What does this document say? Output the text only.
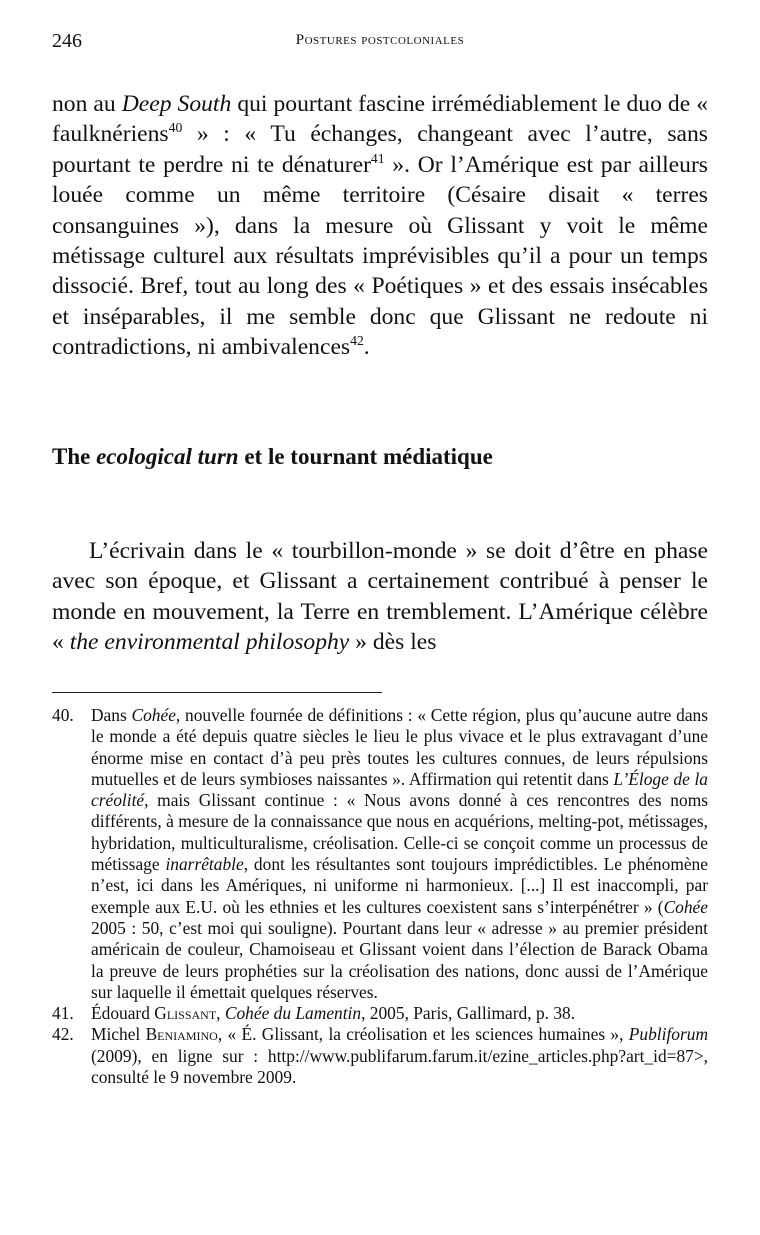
246	Postures postcoloniales

non au Deep South qui pourtant fascine irrémédiablement le duo de « faulknériens$^{40}$ » : « Tu échanges, changeant avec l’autre, sans pourtant te perdre ni te dénaturer$^{41}$ ». Or l’Amérique est par ailleurs louée comme un même territoire (Césaire disait « terres consanguines »), dans la mesure où Glissant y voit le même métissage culturel aux résultats imprévisibles qu’il a pour un temps dissocié. Bref, tout au long des « Poétiques » et des essais insécables et inséparables, il me semble donc que Glissant ne redoute ni contradictions, ni ambivalences$^{42}$.

The ecological turn et le tournant médiatique

L’écrivain dans le « tourbillon-monde » se doit d’être en phase avec son époque, et Glissant a certainement contribué à penser le monde en mouvement, la Terre en tremblement. L’Amérique célèbre « the environmental philosophy » dès les

40. Dans Cohée, nouvelle fournée de définitions : « Cette région, plus qu’aucune autre dans le monde a été depuis quatre siècles le lieu le plus vivace et le plus extravagant d’une énorme mise en contact d’à peu près toutes les cultures connues, de leurs répulsions mutuelles et de leurs symbioses naissantes ». Affirmation qui retentit dans L’Éloge de la créolité, mais Glissant continue : « Nous avons donné à ces rencontres des noms différents, à mesure de la connaissance que nous en acquérions, melting-pot, métissages, hybridation, multiculturalisme, créolisation. Celle-ci se conçoit comme un processus de métissage inarrêtable, dont les résultantes sont toujours imprédictibles. Le phénomène n’est, ici dans les Amériques, ni uniforme ni harmonieux. [...] Il est inaccompli, par exemple aux E.U. où les ethnies et les cultures coexistent sans s’interpénétrer » (Cohée 2005 : 50, c’est moi qui souligne). Pourtant dans leur « adresse » au premier président américain de couleur, Chamoiseau et Glissant voient dans l’élection de Barack Obama la preuve de leurs prophéties sur la créolisation des nations, donc aussi de l’Amérique sur laquelle il émettait quelques réserves.
41. Édouard Glissant, Cohée du Lamentin, 2005, Paris, Gallimard, p. 38.
42. Michel Beniamino, « É. Glissant, la créolisation et les sciences humaines », Publiforum (2009), en ligne sur : http://www.publifarum.farum.it/ezine_articles.php?art_id=87>, consulté le 9 novembre 2009.
